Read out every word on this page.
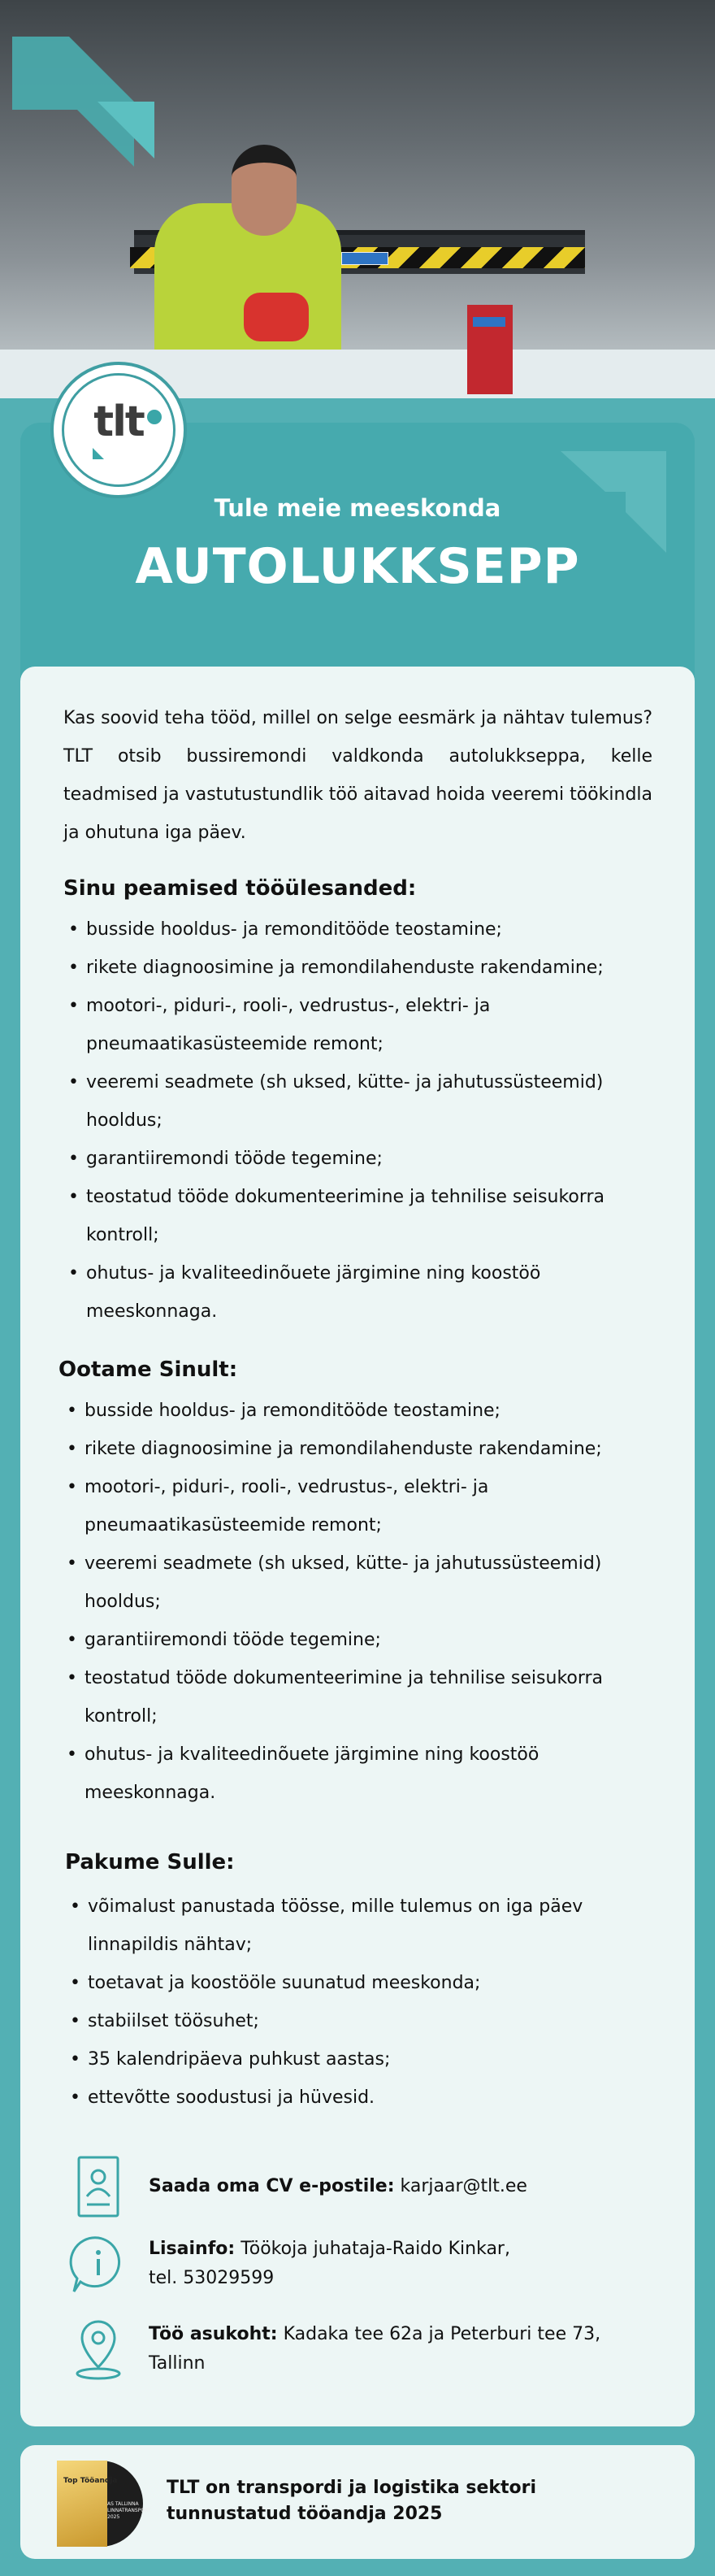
tlt
Tule meie meeskonda
AUTOLUKKSEPP
Kas soovid teha tööd, millel on selge eesmärk ja nähtav tulemus? TLT otsib bussiremondi valdkonda autolukkseppa, kelle teadmised ja vastutustundlik töö aitavad hoida veeremi töökindla ja ohutuna iga päev.
Sinu peamised tööülesanded:
• busside hooldus- ja remonditööde teostamine;
• rikete diagnoosimine ja remondilahenduste rakendamine;
• mootori-, piduri-, rooli-, vedrustus-, elektri- ja pneumaatikasüsteemide remont;
• veeremi seadmete (sh uksed, kütte- ja jahutussüsteemid) hooldus;
• garantiiremondi tööde tegemine;
• teostatud tööde dokumenteerimine ja tehnilise seisukorra kontroll;
• ohutus- ja kvaliteedinõuete järgimine ning koostöö meeskonnaga.
Ootame Sinult:
• busside hooldus- ja remonditööde teostamine;
• rikete diagnoosimine ja remondilahenduste rakendamine;
• mootori-, piduri-, rooli-, vedrustus-, elektri- ja pneumaatikasüsteemide remont;
• veeremi seadmete (sh uksed, kütte- ja jahutussüsteemid) hooldus;
• garantiiremondi tööde tegemine;
• teostatud tööde dokumenteerimine ja tehnilise seisukorra kontroll;
• ohutus- ja kvaliteedinõuete järgimine ning koostöö meeskonnaga.
Pakume Sulle:
• võimalust panustada töösse, mille tulemus on iga päev linnapildis nähtav;
• toetavat ja koostööle suunatud meeskonda;
• stabiilset töösuhet;
• 35 kalendripäeva puhkust aastas;
• ettevõtte soodustusi ja hüvesid.
Saada oma CV e-postile: karjaar@tlt.ee
Lisainfo: Töökoja juhataja-Raido Kinkar,
tel. 53029599
Töö asukoht: Kadaka tee 62a ja Peterburi tee 73,
Tallinn
Top Tööandja
AS TALLINNA LINNATRANSPORT 2025
TLT on transpordi ja logistika sektori
tunnustatud tööandja 2025
